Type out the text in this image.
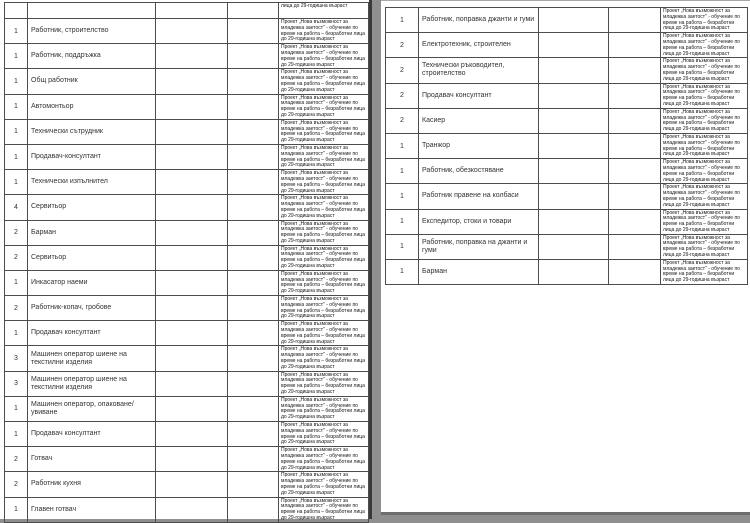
				лица до 29-годишна възраст
1	Работник, строителство			Проект „Нова възможност за младежка заетост" - обучение по време на работа – безработни лица до 29-годишна възраст
1	Работник, поддръжка			Проект „Нова възможност за младежка заетост" - обучение по време на работа – безработни лица до 29-годишна възраст
1	Общ работник			Проект „Нова възможност за младежка заетост" - обучение по време на работа – безработни лица до 29-годишна възраст
1	Автомонтьор			Проект „Нова възможност за младежка заетост" - обучение по време на работа – безработни лица до 29-годишна възраст
1	Технически сътрудник			Проект „Нова възможност за младежка заетост" - обучение по време на работа – безработни лица до 29-годишна възраст
1	Продавач-консултант			Проект „Нова възможност за младежка заетост" - обучение по време на работа – безработни лица до 29-годишна възраст
1	Технически изпълнител			Проект „Нова възможност за младежка заетост" - обучение по време на работа – безработни лица до 29-годишна възраст
4	Сервитьор			Проект „Нова възможност за младежка заетост" - обучение по време на работа – безработни лица до 29-годишна възраст
2	Барман			Проект „Нова възможност за младежка заетост" - обучение по време на работа – безработни лица до 29-годишна възраст
2	Сервитьор			Проект „Нова възможност за младежка заетост" - обучение по време на работа – безработни лица до 29-годишна възраст
1	Инкасатор наеми			Проект „Нова възможност за младежка заетост" - обучение по време на работа – безработни лица до 29-годишна възраст
2	Работник-копач, гробове			Проект „Нова възможност за младежка заетост" - обучение по време на работа – безработни лица до 29-годишна възраст
1	Продавач консултант			Проект „Нова възможност за младежка заетост" - обучение по време на работа – безработни лица до 29-годишна възраст
3	Машинен оператор шиене на текстилни изделия			Проект „Нова възможност за младежка заетост" - обучение по време на работа – безработни лица до 29-годишна възраст
3	Машинен оператор шиене на текстилни изделия			Проект „Нова възможност за младежка заетост" - обучение по време на работа – безработни лица до 29-годишна възраст
1	Машинен оператор, опаковане/увиване			Проект „Нова възможност за младежка заетост" - обучение по време на работа – безработни лица до 29-годишна възраст
1	Продавач консултант			Проект „Нова възможност за младежка заетост" - обучение по време на работа – безработни лица до 29-годишна възраст
2	Готвач			Проект „Нова възможност за младежка заетост" - обучение по време на работа – безработни лица до 29-годишна възраст
2	Работник кухня			Проект „Нова възможност за младежка заетост" - обучение по време на работа – безработни лица до 29-годишна възраст
1	Главен готвач			Проект „Нова възможност за младежка заетост" - обучение по време на работа – безработни лица до 29-годишна възраст
1	Работник, поправка джанти и гуми			Проект „Нова възможност за младежка заетост" - обучение по време на работа – безработни лица до 29-годишна възраст
2	Електротехник, строителен			Проект „Нова възможност за младежка заетост" - обучение по време на работа – безработни лица до 29-годишна възраст
2	Технически ръководител, строителство			Проект „Нова възможност за младежка заетост" - обучение по време на работа – безработни лица до 29-годишна възраст
2	Продавач консултант			Проект „Нова възможност за младежка заетост" - обучение по време на работа – безработни лица до 29-годишна възраст
2	Касиер			Проект „Нова възможност за младежка заетост" - обучение по време на работа – безработни лица до 29-годишна възраст
1	Транжор			Проект „Нова възможност за младежка заетост" - обучение по време на работа – безработни лица до 29-годишна възраст
1	Работник, обезкостяване			Проект „Нова възможност за младежка заетост" - обучение по време на работа – безработни лица до 29-годишна възраст
1	Работник правене на колбаси			Проект „Нова възможност за младежка заетост" - обучение по време на работа – безработни лица до 29-годишна възраст
1	Експедитор, стоки и товари			Проект „Нова възможност за младежка заетост" - обучение по време на работа – безработни лица до 29-годишна възраст
1	Работник, поправка на джанти и гуми			Проект „Нова възможност за младежка заетост" - обучение по време на работа – безработни лица до 29-годишна възраст
1	Барман			Проект „Нова възможност за младежка заетост" - обучение по време на работа – безработни лица до 29-годишна възраст
